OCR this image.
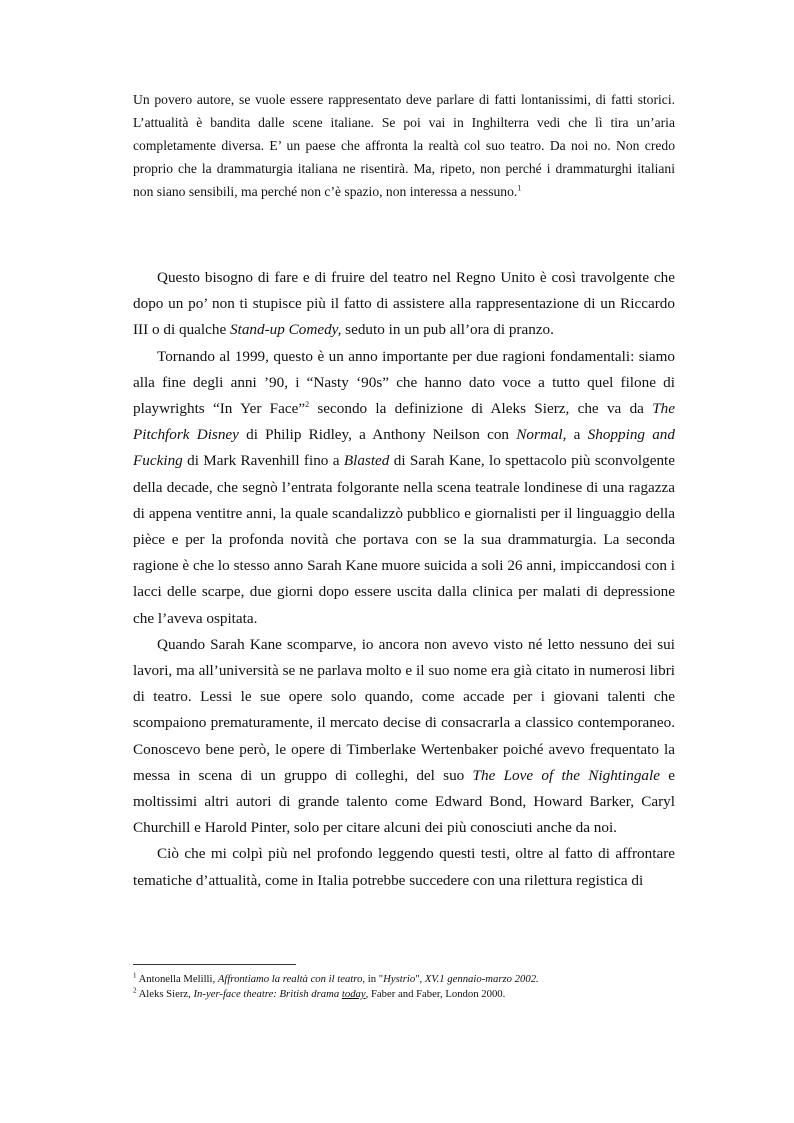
Un povero autore, se vuole essere rappresentato deve parlare di fatti lontanissimi, di fatti storici. L’attualità è bandita dalle scene italiane. Se poi vai in Inghilterra vedi che lì tira un’aria completamente diversa. E’ un paese che affronta la realtà col suo teatro. Da noi no. Non credo proprio che la drammaturgia italiana ne risentirà. Ma, ripeto, non perché i drammaturghi italiani non siano sensibili, ma perché non c’è spazio, non interessa a nessuno.$^1$

Questo bisogno di fare e di fruire del teatro nel Regno Unito è così travolgente che dopo un po’ non ti stupisce più il fatto di assistere alla rappresentazione di un Riccardo III o di qualche Stand-up Comedy, seduto in un pub all’ora di pranzo.

Tornando al 1999, questo è un anno importante per due ragioni fondamentali: siamo alla fine degli anni ’90, i “Nasty ‘90s” che hanno dato voce a tutto quel filone di playwrights “In Yer Face”$^2$ secondo la definizione di Aleks Sierz, che va da The Pitchfork Disney di Philip Ridley, a Anthony Neilson con Normal, a Shopping and Fucking di Mark Ravenhill fino a Blasted di Sarah Kane, lo spettacolo più sconvolgente della decade, che segnò l’entrata folgorante nella scena teatrale londinese di una ragazza di appena ventitre anni, la quale scandalizzò pubblico e giornalisti per il linguaggio della pièce e per la profonda novità che portava con se la sua drammaturgia. La seconda ragione è che lo stesso anno Sarah Kane muore suicida a soli 26 anni, impiccandosi con i lacci delle scarpe, due giorni dopo essere uscita dalla clinica per malati di depressione che l’aveva ospitata.

Quando Sarah Kane scomparve, io ancora non avevo visto né letto nessuno dei sui lavori, ma all’università se ne parlava molto e il suo nome era già citato in numerosi libri di teatro. Lessi le sue opere solo quando, come accade per i giovani talenti che scompaiono prematuramente, il mercato decise di consacrarla a classico contemporaneo. Conoscevo bene però, le opere di Timberlake Wertenbaker poiché avevo frequentato la messa in scena di un gruppo di colleghi, del suo The Love of the Nightingale e moltissimi altri autori di grande talento come Edward Bond, Howard Barker, Caryl Churchill e Harold Pinter, solo per citare alcuni dei più conosciuti anche da noi.

Ciò che mi colpì più nel profondo leggendo questi testi, oltre al fatto di affrontare tematiche d’attualità, come in Italia potrebbe succedere con una rilettura registica di

$^1$ Antonella Melilli, Affrontiamo la realtà con il teatro, in "Hystrio", XV.1 gennaio-marzo 2002.
$^2$ Aleks Sierz, In-yer-face theatre: British drama today, Faber and Faber, London 2000.
